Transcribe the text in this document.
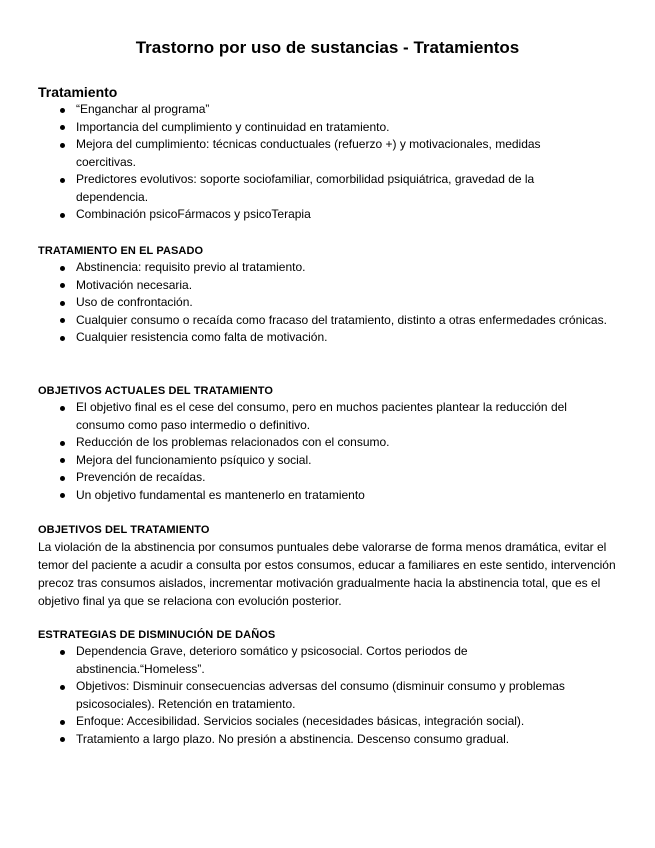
Trastorno por uso de sustancias - Tratamientos
Tratamiento
“Enganchar al programa”
Importancia del cumplimiento y continuidad en tratamiento.
Mejora del cumplimiento: técnicas conductuales (refuerzo +) y motivacionales, medidas coercitivas.
Predictores evolutivos: soporte sociofamiliar, comorbilidad psiquiátrica, gravedad de la dependencia.
Combinación psicoFármacos y psicoTerapia
TRATAMIENTO EN EL PASADO
Abstinencia: requisito previo al tratamiento.
Motivación necesaria.
Uso de confrontación.
Cualquier consumo o recaída como fracaso del tratamiento, distinto a otras enfermedades crónicas.
Cualquier resistencia como falta de motivación.
OBJETIVOS ACTUALES DEL TRATAMIENTO
El objetivo final es el cese del consumo, pero en muchos pacientes plantear la reducción del consumo como paso intermedio o definitivo.
Reducción de los problemas relacionados con el consumo.
Mejora del funcionamiento psíquico y social.
Prevención de recaídas.
Un objetivo fundamental es mantenerlo en tratamiento
OBJETIVOS DEL TRATAMIENTO

La violación de la abstinencia por consumos puntuales debe valorarse de forma menos dramática, evitar el temor del paciente a acudir a consulta por estos consumos, educar a familiares en este sentido, intervención precoz tras consumos aislados, incrementar motivación gradualmente hacia la abstinencia total, que es el objetivo final ya que se relaciona con evolución posterior.

ESTRATEGIAS DE DISMINUCIÓN DE DAÑOS
Dependencia Grave, deterioro somático y psicosocial. Cortos periodos de abstinencia.“Homeless”.
Objetivos: Disminuir consecuencias adversas del consumo (disminuir consumo y problemas psicosociales). Retención en tratamiento.
Enfoque: Accesibilidad. Servicios sociales (necesidades básicas, integración social).
Tratamiento a largo plazo. No presión a abstinencia. Descenso consumo gradual.
